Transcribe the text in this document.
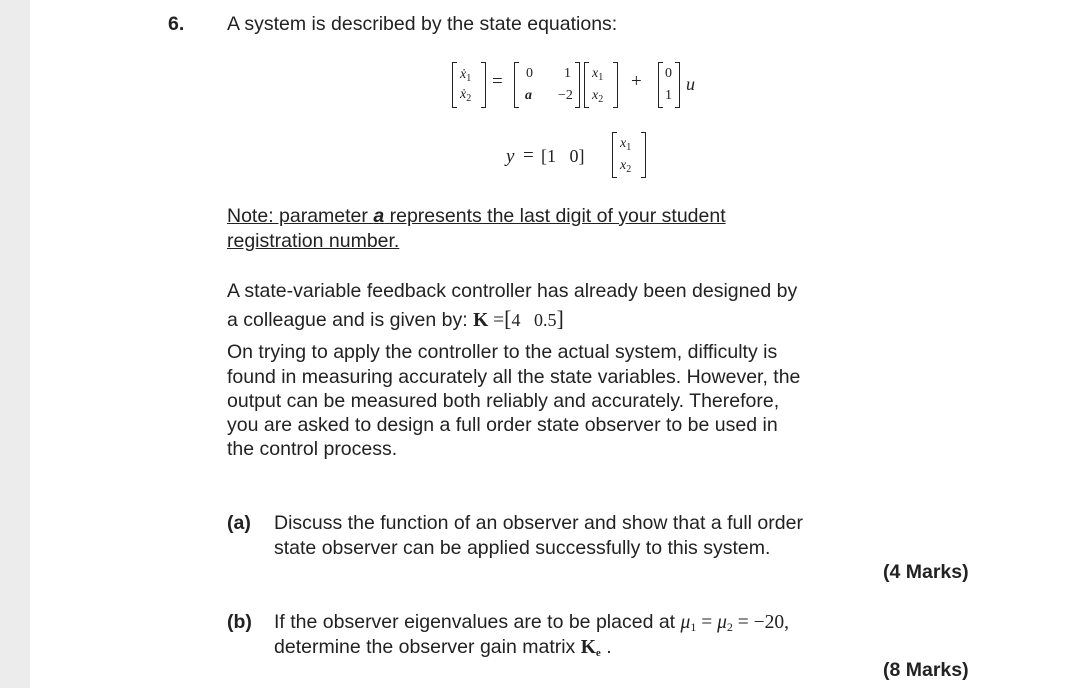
6. A system is described by the state equations:
ẋ$_1$
ẋ$_2$
= 0 1
a −2
$x_1$
$x_2$
+ 0
1
u
y = [1   0]
$x_1$
$x_2$
Note: parameter a represents the last digit of your student
registration number.
A state-variable feedback controller has already been designed by
a colleague and is given by: K =[4   0.5]
On trying to apply the controller to the actual system, difficulty is
found in measuring accurately all the state variables. However, the
output can be measured both reliably and accurately. Therefore,
you are asked to design a full order state observer to be used in
the control process.
(a) Discuss the function of an observer and show that a full order
state observer can be applied successfully to this system.
(4 Marks)
(b) If the observer eigenvalues are to be placed at $\mu_1 = \mu_2 = -20$,
determine the observer gain matrix $K_e$ .
(8 Marks)
